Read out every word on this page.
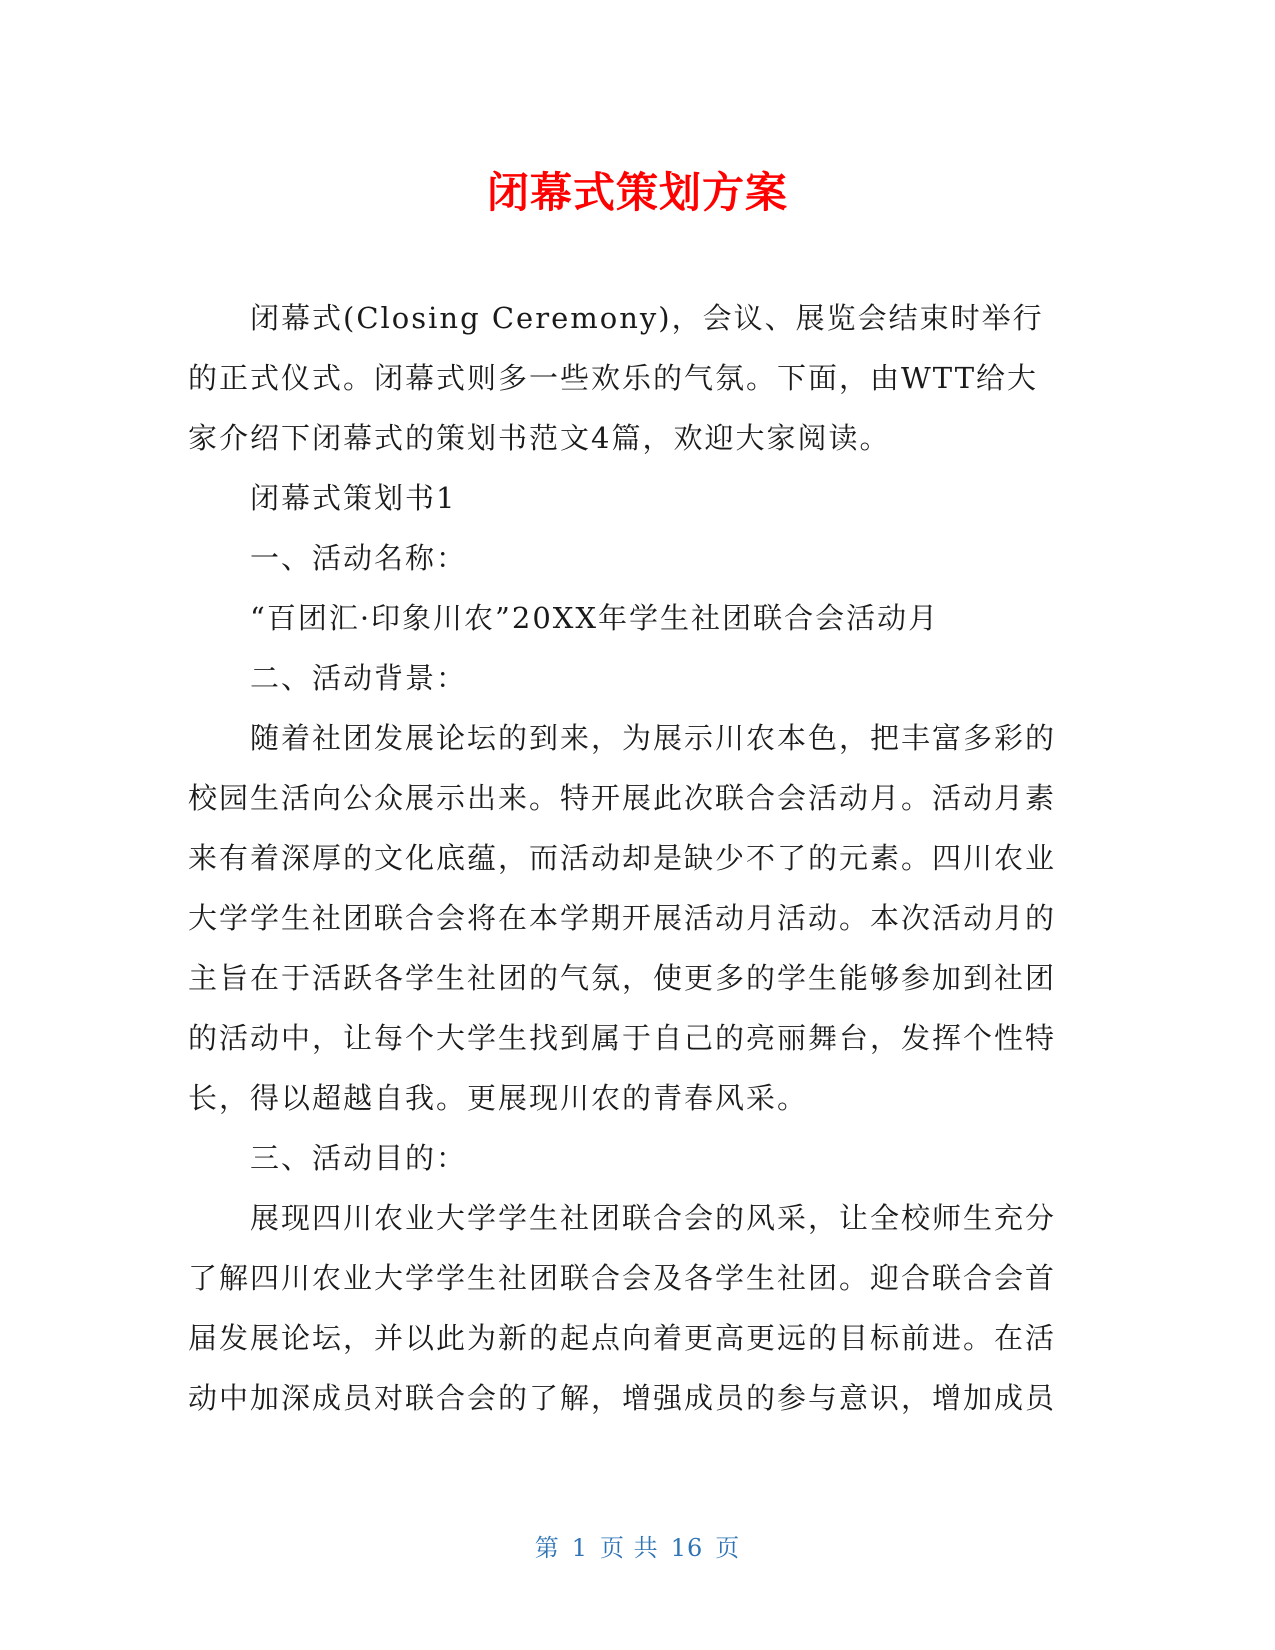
闭幕式策划方案

闭幕式(Closing Ceremony)，会议、展览会结束时举行的正式仪式。闭幕式则多一些欢乐的气氛。下面，由WTT给大家介绍下闭幕式的策划书范文4篇，欢迎大家阅读。

闭幕式策划书1

一、活动名称：

“百团汇·印象川农”20XX年学生社团联合会活动月

二、活动背景：

随着社团发展论坛的到来，为展示川农本色，把丰富多彩的校园生活向公众展示出来。特开展此次联合会活动月。活动月素来有着深厚的文化底蕴，而活动却是缺少不了的元素。四川农业大学学生社团联合会将在本学期开展活动月活动。本次活动月的主旨在于活跃各学生社团的气氛，使更多的学生能够参加到社团的活动中，让每个大学生找到属于自己的亮丽舞台，发挥个性特长，得以超越自我。更展现川农的青春风采。

三、活动目的：

展现四川农业大学学生社团联合会的风采，让全校师生充分了解四川农业大学学生社团联合会及各学生社团。迎合联合会首届发展论坛，并以此为新的起点向着更高更远的目标前进。在活动中加深成员对联合会的了解，增强成员的参与意识，增加成员

第 1 页 共 16 页
